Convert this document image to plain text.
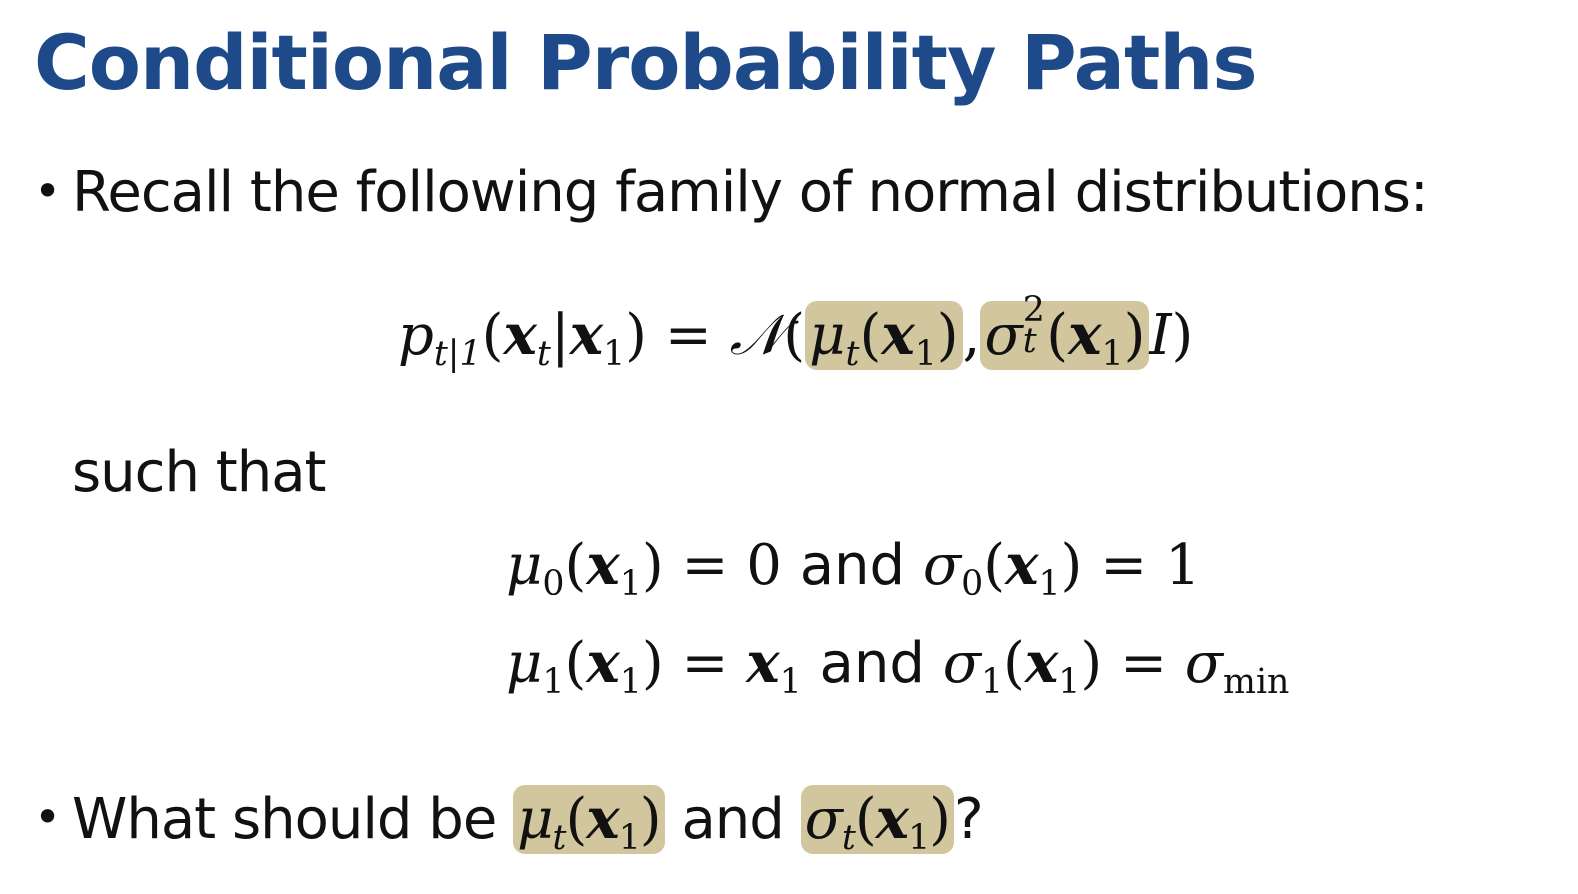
Conditional Probability Paths
• Recall the following family of normal distributions:
$p_{t|1}(x_t|x_1)$ = $𝒩(\mu_t(x_1),\sigma$ 2
t $(x_1)I$)
such that
$\mu_0(x_1) = 0$ and $\sigma_0(x_1) = 1$
$\mu_1(x_1) = x_1$ and $\sigma_1(x_1) = \sigma_{min}$
• What should be $\mu_t(x_1)$ and $\sigma_t(x_1)$?
